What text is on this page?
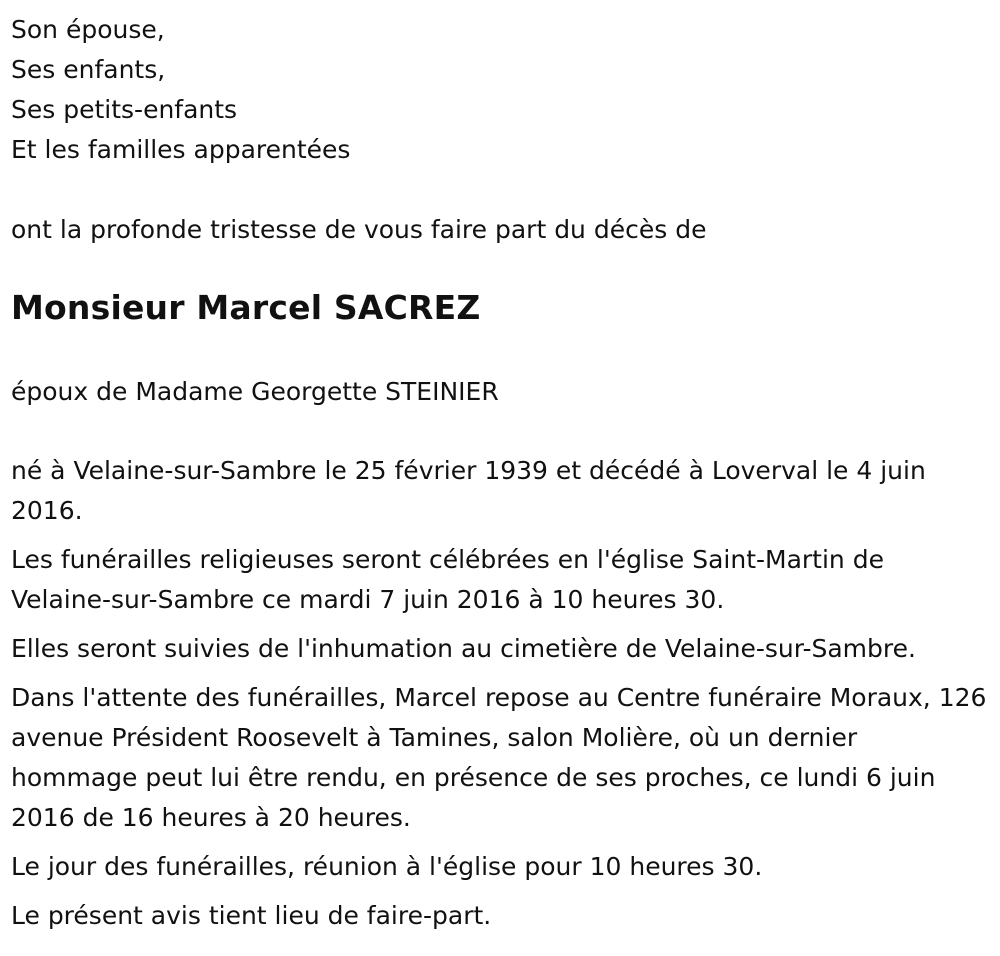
Son épouse,
Ses enfants,
Ses petits-enfants
Et les familles apparentées
ont la profonde tristesse de vous faire part du décès de
Monsieur Marcel SACREZ
époux de Madame Georgette STEINIER

né à Velaine-sur-Sambre le 25 février 1939 et décédé à Loverval le 4 juin 2016.

Les funérailles religieuses seront célébrées en l'église Saint-Martin de Velaine-sur-Sambre ce mardi 7 juin 2016 à 10 heures 30.

Elles seront suivies de l'inhumation au cimetière de Velaine-sur-Sambre.

Dans l'attente des funérailles, Marcel repose au Centre funéraire Moraux, 126 avenue Président Roosevelt à Tamines, salon Molière, où un dernier hommage peut lui être rendu, en présence de ses proches, ce lundi 6 juin 2016 de 16 heures à 20 heures.

Le jour des funérailles, réunion à l'église pour 10 heures 30.

Le présent avis tient lieu de faire-part.
